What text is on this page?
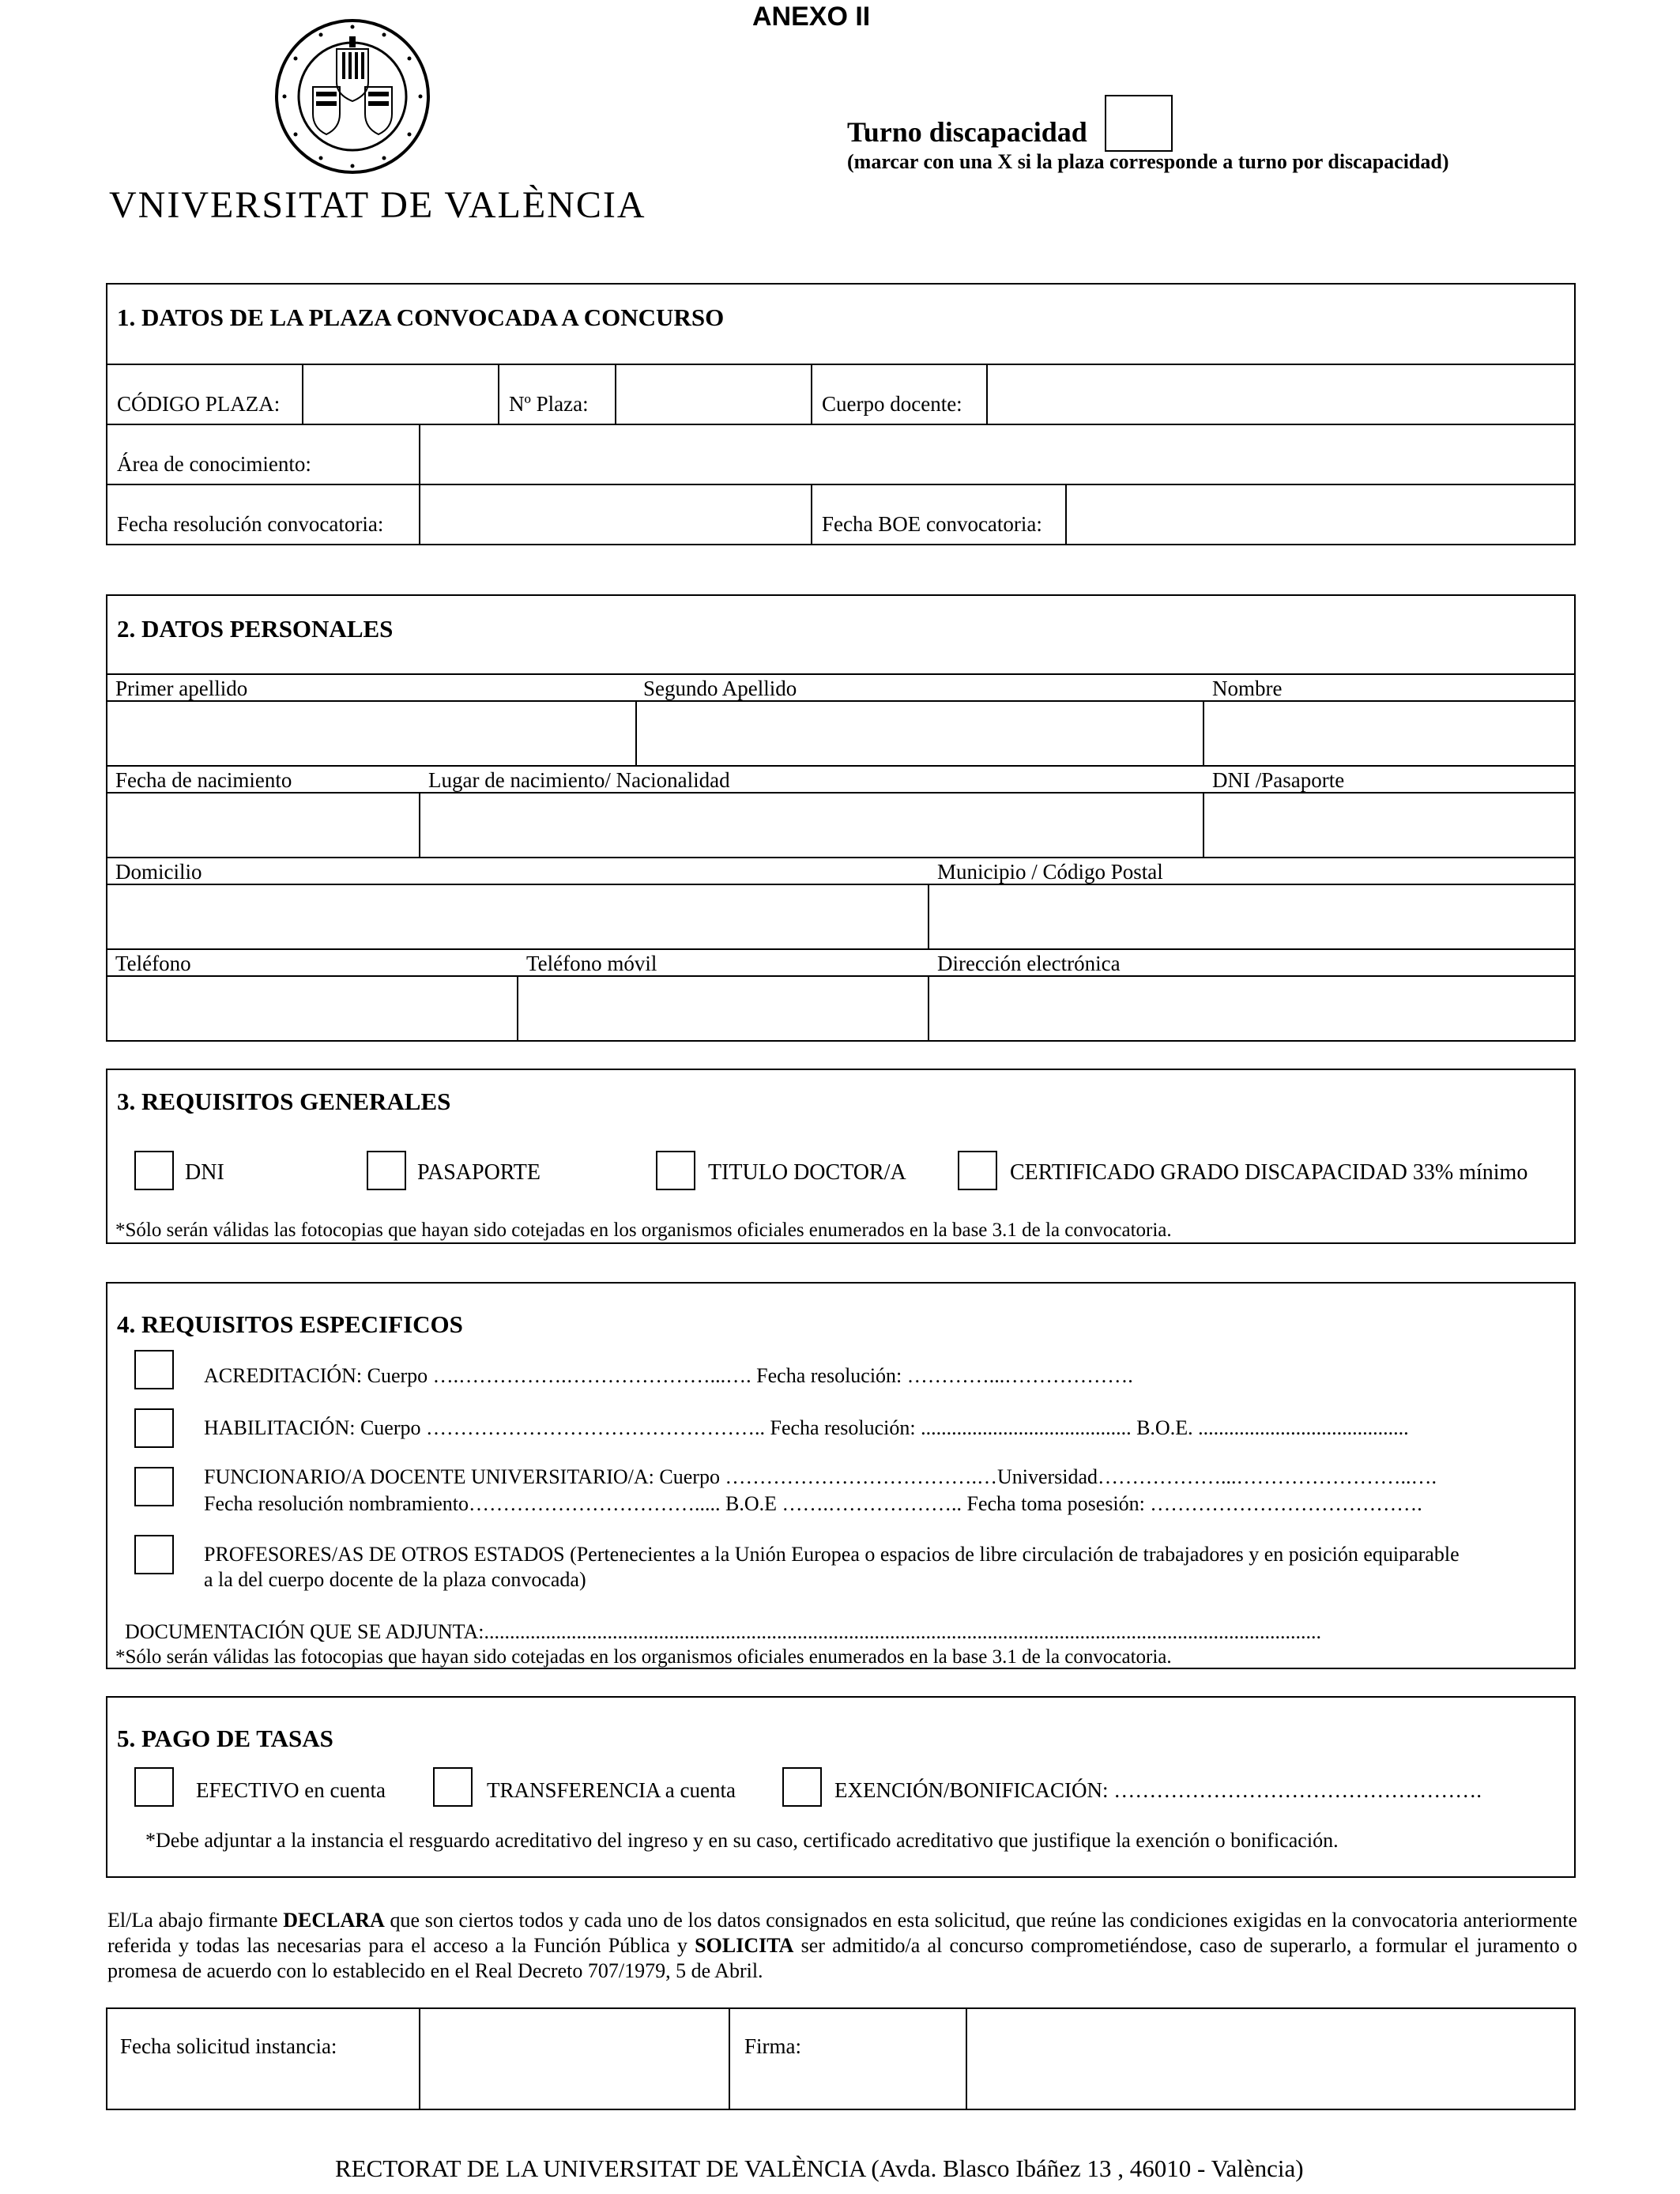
ANEXO II
VNIVERSITAT DE VALÈNCIA
Turno discapacidad
(marcar con una X si la plaza corresponde a turno por discapacidad)
1. DATOS DE LA PLAZA CONVOCADA A CONCURSO
CÓDIGO PLAZA:	Nº Plaza:	Cuerpo docente:
Área de conocimiento:
Fecha resolución convocatoria:	Fecha BOE convocatoria:
2. DATOS PERSONALES
Primer apellido	Segundo Apellido	Nombre
Fecha de nacimiento	Lugar de nacimiento/ Nacionalidad	DNI /Pasaporte
Domicilio	Municipio / Código Postal
Teléfono	Teléfono móvil	Dirección electrónica
3. REQUISITOS GENERALES
DNI	PASAPORTE	TITULO DOCTOR/A	CERTIFICADO GRADO DISCAPACIDAD 33% mínimo
*Sólo serán válidas las fotocopias que hayan sido cotejadas en los organismos oficiales enumerados en la base 3.1 de la convocatoria.
4. REQUISITOS ESPECIFICOS
ACREDITACIÓN: Cuerpo ….…………….…………………...…. Fecha resolución: …………...……………….
HABILITACIÓN: Cuerpo ………………………………………….. Fecha resolución: ......................................... B.O.E. .........................................
FUNCIONARIO/A DOCENTE UNIVERSITARIO/A: Cuerpo ……………………………….…Universidad………………...……………………..….
Fecha resolución nombramiento……………………………..... B.O.E …….……………….. Fecha toma posesión: ………………………………….
PROFESORES/AS DE OTROS ESTADOS (Pertenecientes a la Unión Europea o espacios de libre circulación de trabajadores y en posición equiparable
a la del cuerpo docente de la plaza convocada)
DOCUMENTACIÓN QUE SE ADJUNTA:...................................................................................................................................................................
*Sólo serán válidas las fotocopias que hayan sido cotejadas en los organismos oficiales enumerados en la base 3.1 de la convocatoria.
5. PAGO DE TASAS
EFECTIVO en cuenta	TRANSFERENCIA a cuenta	EXENCIÓN/BONIFICACIÓN: …………………………………………….
*Debe adjuntar a la instancia el resguardo acreditativo del ingreso y en su caso, certificado acreditativo que justifique la exención o bonificación.
El/La abajo firmante DECLARA que son ciertos todos y cada uno de los datos consignados en esta solicitud, que reúne las condiciones exigidas en la convocatoria anteriormente referida y todas las necesarias para el acceso a la Función Pública y SOLICITA ser admitido/a al concurso comprometiéndose, caso de superarlo, a formular el juramento o promesa de acuerdo con lo establecido en el Real Decreto 707/1979, 5 de Abril.
Fecha solicitud instancia:	Firma:
RECTORAT DE LA UNIVERSITAT DE VALÈNCIA (Avda. Blasco Ibáñez 13 , 46010 - València)
